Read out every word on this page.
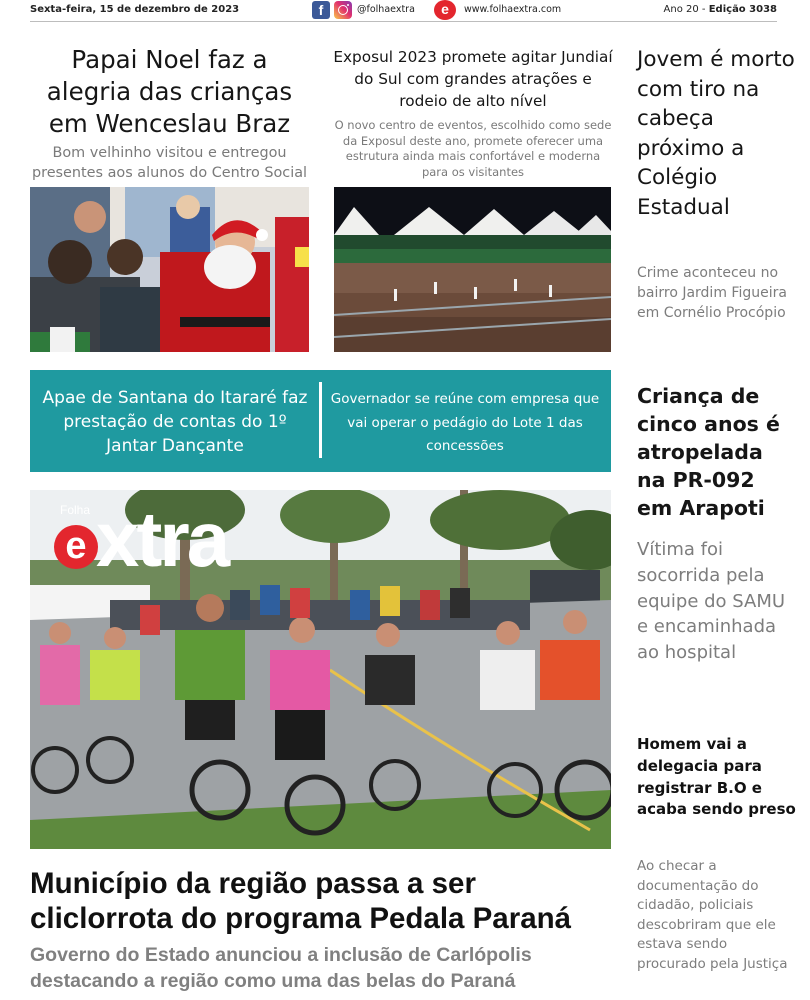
Sexta-feira, 15 de dezembro de 2023	f	@folhaextra	e	www.folhaextra.com	Ano 20 - Edição 3038
Papai Noel faz a alegria das crianças em Wenceslau Braz
Bom velhinho visitou e entregou presentes aos alunos do Centro Social
Exposul 2023 promete agitar Jundiaí do Sul com grandes atrações e rodeio de alto nível
O novo centro de eventos, escolhido como sede da Exposul deste ano, promete oferecer uma estrutura ainda mais confortável e moderna para os visitantes
Jovem é morto com tiro na cabeça próximo a Colégio Estadual
Crime aconteceu no bairro Jardim Figueira em Cornélio Procópio
Criança de cinco anos é atropelada na PR-092 em Arapoti
Vítima foi socorrida pela equipe do SAMU e encaminhada ao hospital
Homem vai a delegacia para registrar B.O e acaba sendo preso
Ao checar a documentação do cidadão, policiais descobriram que ele estava sendo procurado pela Justiça
Apae de Santana do Itararé faz prestação de contas do 1º Jantar Dançante
Governador se reúne com empresa que vai operar o pedágio do Lote 1 das concessões
Folha
e xtra
Município da região passa a ser cliclorrota do programa Pedala Paraná
Governo do Estado anunciou a inclusão de Carlópolis destacando a região como uma das belas do Paraná
